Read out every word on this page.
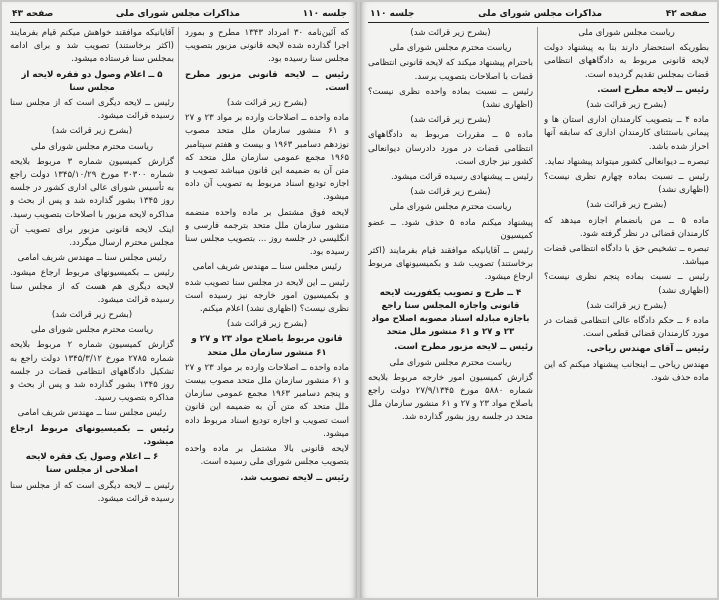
جلسه ۱۱۰
مذاکرات مجلس شورای ملی
صفحه ۴۳
که آئین‌نامه ۳۰ امرداد ۱۳۴۳ مطرح و بمورد اجرا گذارده شده لایحه قانونی مزبور بتصویب مجلس سنا رسیده بود.
رئیس ــ لایحه قانونی مزبور مطرح است.
(بشرح زیر قرائت شد)
ماده واحده ــ اصلاحات وارده بر مواد ۲۳ و ۲۷ و ۶۱ منشور سازمان ملل متحد مصوب نوزدهم دسامبر ۱۹۶۳ و بیست و هفتم سپتامبر ۱۹۶۵ مجمع عمومی سازمان ملل متحد که متن آن به ضمیمه این قانون میباشد تصویب و اجازه تودیع اسناد مربوط به تصویب آن داده میشود.
لایحه فوق مشتمل بر ماده واحده منضمه منشور سازمان ملل متحد بترجمه فارسی و انگلیسی در جلسه روز ... بتصویب مجلس سنا رسیده بود.
رئیس مجلس سنا ــ مهندس شریف امامی
رئیس ــ این لایحه در مجلس سنا تصویب شده و بکمیسیون امور خارجه نیز رسیده است نظری نیست؟ (اظهاری نشد) اعلام میکنم.
(بشرح زیر قرائت شد)
قانون مربوط باصلاح مواد ۲۳ و ۲۷ و ۶۱ منشور سازمان ملل متحد
ماده واحده ــ اصلاحات وارده بر مواد ۲۳ و ۲۷ و ۶۱ منشور سازمان ملل متحد مصوب بیست و پنجم دسامبر ۱۹۶۳ مجمع عمومی سازمان ملل متحد که متن آن به ضمیمه این قانون است تصویب و اجازه تودیع اسناد مربوط داده میشود.
لایحه قانونی بالا مشتمل بر ماده واحده بتصویب مجلس شورای ملی رسیده است.
رئیس ــ لایحه تصویب شد.
آقایانیکه موافقند خواهش میکنم قیام بفرمایند (اکثر برخاستند) تصویب شد و برای ادامه بمجلس سنا فرستاده میشود.
۵ ــ اعلام وصول دو فقره لایحه از مجلس سنا
رئیس ــ لایحه دیگری است که از مجلس سنا رسیده قرائت میشود.
(بشرح زیر قرائت شد)
ریاست محترم مجلس شورای ملی
گزارش کمیسیون شماره ۳ مربوط بلایحه شماره ۳۰۳۰۰ مورخ ۱۳۴۵/۱۰/۲۹ دولت راجع به تأسیس شورای عالی اداری کشور در جلسه روز ۱۳۴۵ بشور گذارده شد و پس از بحث و مذاکره لایحه مزبور با اصلاحات بتصویب رسید.
اینک لایحه قانونی مزبور برای تصویب آن مجلس محترم ارسال میگردد.
رئیس مجلس سنا ــ مهندس شریف امامی
رئیس ــ بکمیسیونهای مربوط ارجاع میشود. لایحه دیگری هم هست که از مجلس سنا رسیده قرائت میشود.
(بشرح زیر قرائت شد)
ریاست محترم مجلس شورای ملی
گزارش کمیسیون شماره ۲ مربوط بلایحه شماره ۲۷۸۵ مورخ ۱۳۴۵/۳/۱۲ دولت راجع به تشکیل دادگاههای انتظامی قضات در جلسه روز ۱۳۴۵ بشور گذارده شد و پس از بحث و مذاکره بتصویب رسید.
رئیس مجلس سنا ــ مهندس شریف امامی
رئیس ــ بکمیسیونهای مربوط ارجاع میشود.
۶ ــ اعلام وصول یک فقره لایحه اصلاحی از مجلس سنا
رئیس ــ لایحه دیگری است که از مجلس سنا رسیده قرائت میشود.
صفحه ۴۲
مذاکرات مجلس شورای ملی
جلسه ۱۱۰
ریاست مجلس شورای ملی
بطوریکه استحضار دارند بنا به پیشنهاد دولت لایحه قانونی مربوط به دادگاههای انتظامی قضات بمجلس تقدیم گردیده است.
رئیس ــ لایحه مطرح است.
(بشرح زیر قرائت شد)
ماده ۴ ــ بتصویب کارمندان اداری استان ها و پیمانی باستثنای کارمندان اداری که سابقه آنها احراز شده باشد.
تبصره ــ دیوانعالی کشور میتواند پیشنهاد نماید.
رئیس ــ نسبت بماده چهارم نظری نیست؟ (اظهاری نشد)
(بشرح زیر قرائت شد)
ماده ۵ ــ من بانضمام اجازه میدهد که کارمندان قضائی در نظر گرفته شود.
تبصره ــ تشخیص حق با دادگاه انتظامی قضات میباشد.
رئیس ــ نسبت بماده پنجم نظری نیست؟ (اظهاری نشد)
(بشرح زیر قرائت شد)
ماده ۶ ــ حکم دادگاه عالی انتظامی قضات در مورد کارمندان قضائی قطعی است.
رئیس ــ آقای مهندس ریاحی.
مهندس ریاحی ــ اینجانب پیشنهاد میکنم که این ماده حذف شود.
(بشرح زیر قرائت شد)
ریاست محترم مجلس شورای ملی
باحترام پیشنهاد میکند که لایحه قانونی انتظامی قضات با اصلاحات بتصویب برسد.
رئیس ــ نسبت بماده واحده نظری نیست؟ (اظهاری نشد)
(بشرح زیر قرائت شد)
ماده ۵ ــ مقررات مربوط به دادگاههای انتظامی قضات در مورد دادرسان دیوانعالی کشور نیز جاری است.
رئیس ــ پیشنهادی رسیده قرائت میشود.
(بشرح زیر قرائت شد)
ریاست محترم مجلس شورای ملی
پیشنهاد میکنم ماده ۵ حذف شود. ــ عضو کمیسیون
رئیس ــ آقایانیکه موافقند قیام بفرمایند (اکثر برخاستند) تصویب شد و بکمیسیونهای مربوط ارجاع میشود.
۴ ــ طرح و تصویب یکفوریت لایحه قانونی واجازه المجلس سنا راجع باجازه مبادله اسناد مصوبه اصلاح مواد ۲۳ و ۲۷ و ۶۱ منشور ملل متحد
رئیس ــ لایحه مزبور مطرح است.
ریاست محترم مجلس شورای ملی
گزارش کمیسیون امور خارجه مربوط بلایحه شماره ۵۸۸۰ مورخ ۲۷/۹/۱۳۴۵ دولت راجع باصلاح مواد ۲۳ و ۲۷ و ۶۱ منشور سازمان ملل متحد در جلسه روز بشور گذارده شد.
